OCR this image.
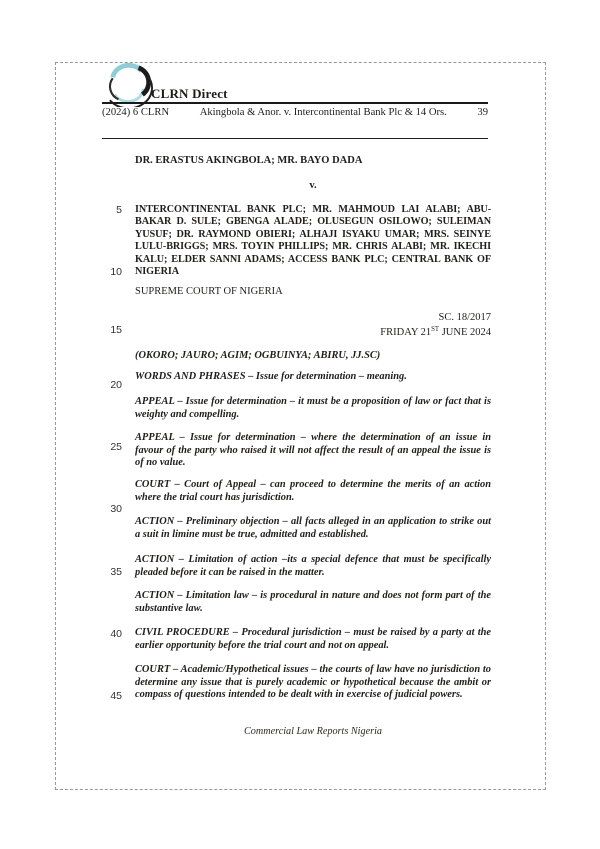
CLRN Direct
(2024) 6 CLRN	Akingbola & Anor. v. Intercontinental Bank Plc & 14 Ors.	39
5
10
15
20
25
30
35
40
45
DR. ERASTUS AKINGBOLA; MR. BAYO DADA
v.
INTERCONTINENTAL BANK PLC; MR. MAHMOUD LAI ALABI; ABU-BAKAR D. SULE; GBENGA ALADE; OLUSEGUN OSILOWO; SULEIMAN YUSUF; DR. RAYMOND OBIERI; ALHAJI ISYAKU UMAR; MRS. SEINYE LULU-BRIGGS; MRS. TOYIN PHILLIPS; MR. CHRIS ALABI; MR. IKECHI KALU; ELDER SANNI ADAMS; ACCESS BANK PLC; CENTRAL BANK OF NIGERIA
SUPREME COURT OF NIGERIA
SC. 18/2017
FRIDAY 21ST JUNE 2024
(OKORO; JAURO; AGIM; OGBUINYA; ABIRU, JJ.SC)
WORDS AND PHRASES – Issue for determination – meaning.
APPEAL – Issue for determination – it must be a proposition of law or fact that is weighty and compelling.
APPEAL – Issue for determination – where the determination of an issue in favour of the party who raised it will not affect the result of an appeal the issue is of no value.
COURT – Court of Appeal – can proceed to determine the merits of an action where the trial court has jurisdiction.
ACTION – Preliminary objection – all facts alleged in an application to strike out a suit in limine must be true, admitted and established.
ACTION – Limitation of action –its a special defence that must be specifically pleaded before it can be raised in the matter.
ACTION – Limitation law – is procedural in nature and does not form part of the substantive law.
CIVIL PROCEDURE – Procedural jurisdiction – must be raised by a party at the earlier opportunity before the trial court and not on appeal.
COURT – Academic/Hypothetical issues – the courts of law have no jurisdiction to determine any issue that is purely academic or hypothetical because the ambit or compass of questions intended to be dealt with in exercise of judicial powers.
Commercial Law Reports Nigeria
